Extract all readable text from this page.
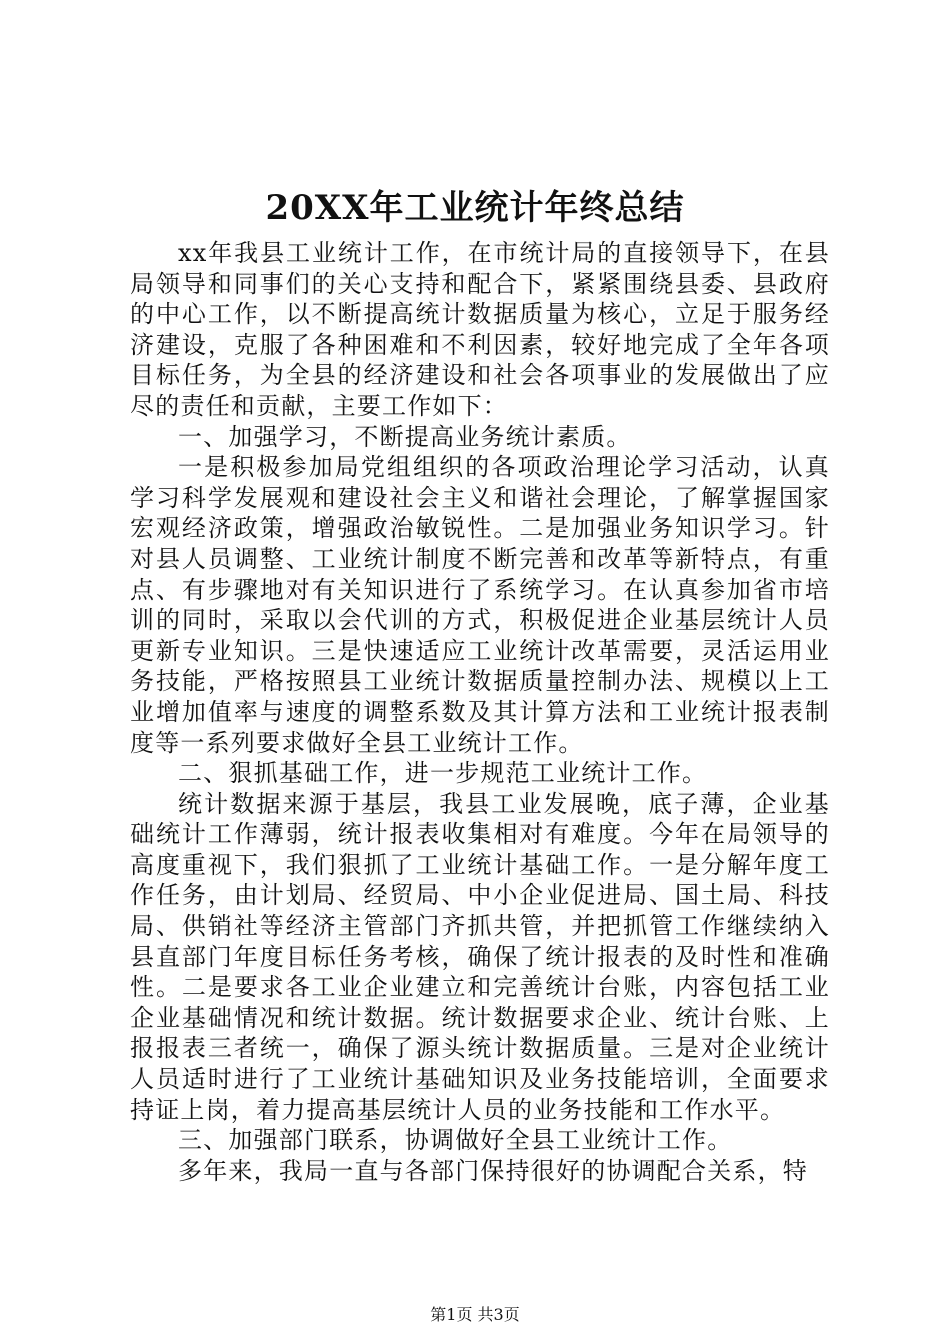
20XX年工业统计年终总结

xx年我县工业统计工作，在市统计局的直接领导下，在县局领导和同事们的关心支持和配合下，紧紧围绕县委、县政府的中心工作，以不断提高统计数据质量为核心，立足于服务经济建设，克服了各种困难和不利因素，较好地完成了全年各项目标任务，为全县的经济建设和社会各项事业的发展做出了应尽的责任和贡献，主要工作如下：

一、加强学习，不断提高业务统计素质。

一是积极参加局党组组织的各项政治理论学习活动，认真学习科学发展观和建设社会主义和谐社会理论，了解掌握国家宏观经济政策，增强政治敏锐性。二是加强业务知识学习。针对县人员调整、工业统计制度不断完善和改革等新特点，有重点、有步骤地对有关知识进行了系统学习。在认真参加省市培训的同时，采取以会代训的方式，积极促进企业基层统计人员更新专业知识。三是快速适应工业统计改革需要，灵活运用业务技能，严格按照县工业统计数据质量控制办法、规模以上工业增加值率与速度的调整系数及其计算方法和工业统计报表制度等一系列要求做好全县工业统计工作。

二、狠抓基础工作，进一步规范工业统计工作。

统计数据来源于基层，我县工业发展晚，底子薄，企业基础统计工作薄弱，统计报表收集相对有难度。今年在局领导的高度重视下，我们狠抓了工业统计基础工作。一是分解年度工作任务，由计划局、经贸局、中小企业促进局、国土局、科技局、供销社等经济主管部门齐抓共管，并把抓管工作继续纳入县直部门年度目标任务考核，确保了统计报表的及时性和准确性。二是要求各工业企业建立和完善统计台账，内容包括工业企业基础情况和统计数据。统计数据要求企业、统计台账、上报报表三者统一，确保了源头统计数据质量。三是对企业统计人员适时进行了工业统计基础知识及业务技能培训，全面要求持证上岗，着力提高基层统计人员的业务技能和工作水平。

三、加强部门联系，协调做好全县工业统计工作。

多年来，我局一直与各部门保持很好的协调配合关系，特

第1页 共3页
